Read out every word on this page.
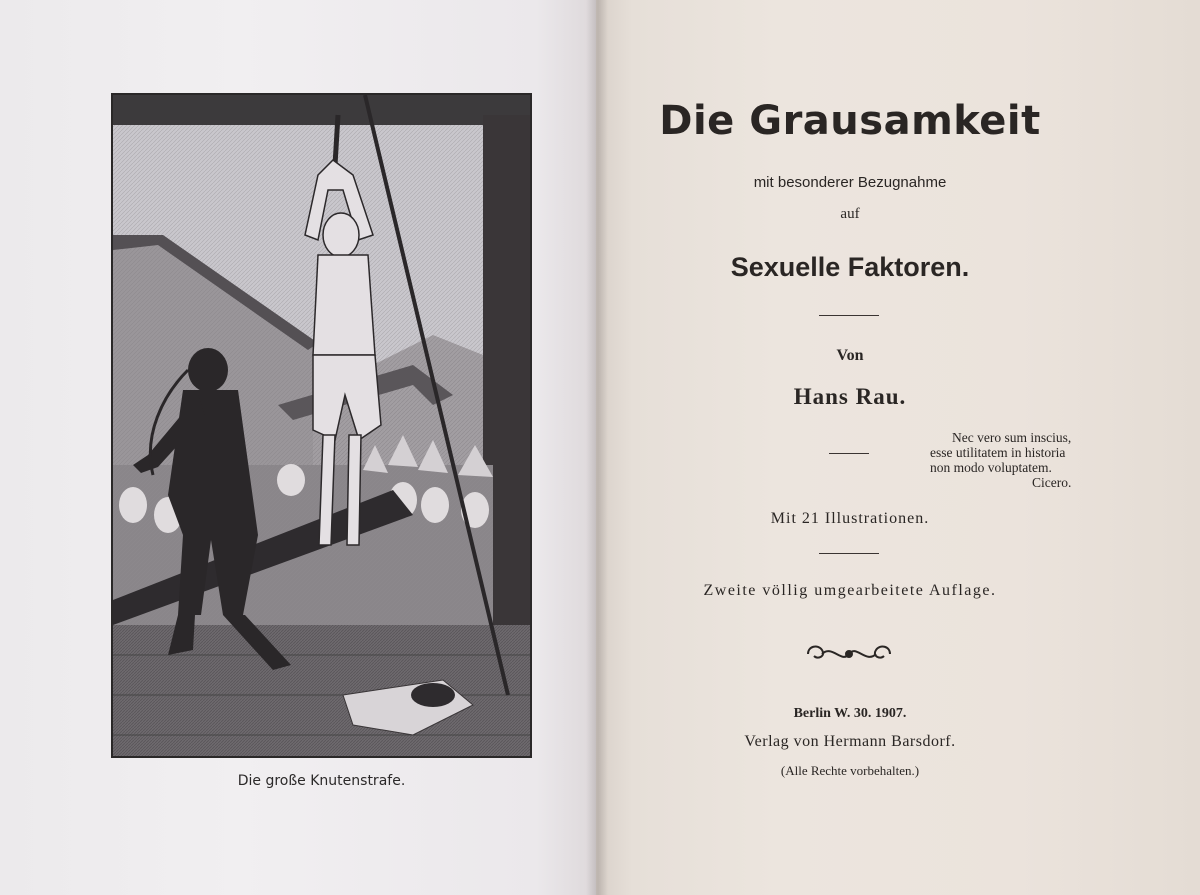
Die große Knutenstrafe.
Die Grausamkeit
mit besonderer Bezugnahme
auf
Sexuelle Faktoren.
Von
Hans Rau.
Nec vero sum inscius,
esse utilitatem in historia
non modo voluptatem.
Cicero.
Mit 21 Illustrationen.
Zweite völlig umgearbeitete Auflage.
Berlin W. 30. 1907.
Verlag von Hermann Barsdorf.
(Alle Rechte vorbehalten.)
